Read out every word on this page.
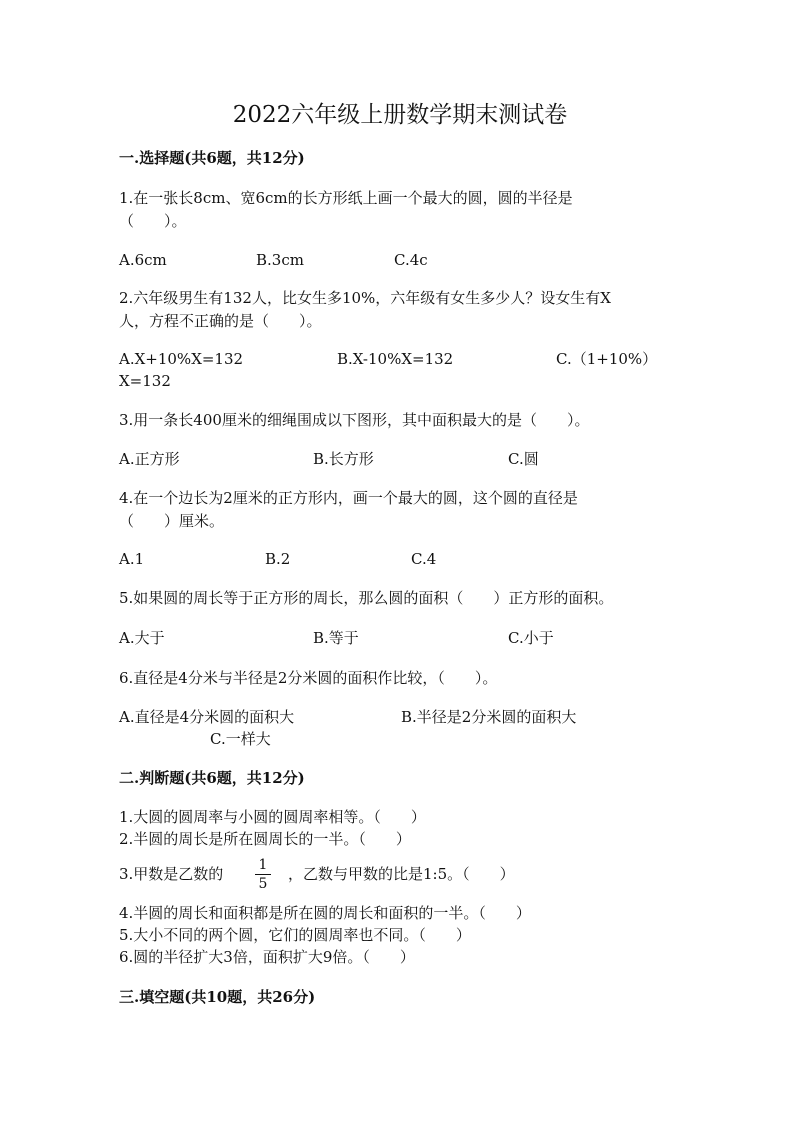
2022六年级上册数学期末测试卷
一.选择题(共6题，共12分)
1.在一张长8cm、宽6cm的长方形纸上画一个最大的圆，圆的半径是
（　　）。
A.6cm	B.3cm	C.4c
2.六年级男生有132人，比女生多10%，六年级有女生多少人？设女生有X
人，方程不正确的是（　　）。
A.X+10%X=132	B.X-10%X=132	C.（1+10%）
X=132
3.用一条长400厘米的细绳围成以下图形，其中面积最大的是（　　）。
A.正方形	B.长方形	C.圆
4.在一个边长为2厘米的正方形内，画一个最大的圆，这个圆的直径是
（　　）厘米。
A.1	B.2	C.4
5.如果圆的周长等于正方形的周长，那么圆的面积（　　）正方形的面积。
A.大于	B.等于	C.小于
6.直径是4分米与半径是2分米圆的面积作比较，（　　）。
A.直径是4分米圆的面积大	B.半径是2分米圆的面积大
C.一样大
二.判断题(共6题，共12分)
1.大圆的圆周率与小圆的圆周率相等。（　　）
2.半圆的周长是所在圆周长的一半。（　　）
3.甲数是乙数的	1
5
，乙数与甲数的比是1:5。（　　）
4.半圆的周长和面积都是所在圆的周长和面积的一半。（　　）
5.大小不同的两个圆，它们的圆周率也不同。（　　）
6.圆的半径扩大3倍，面积扩大9倍。（　　）
三.填空题(共10题，共26分)
